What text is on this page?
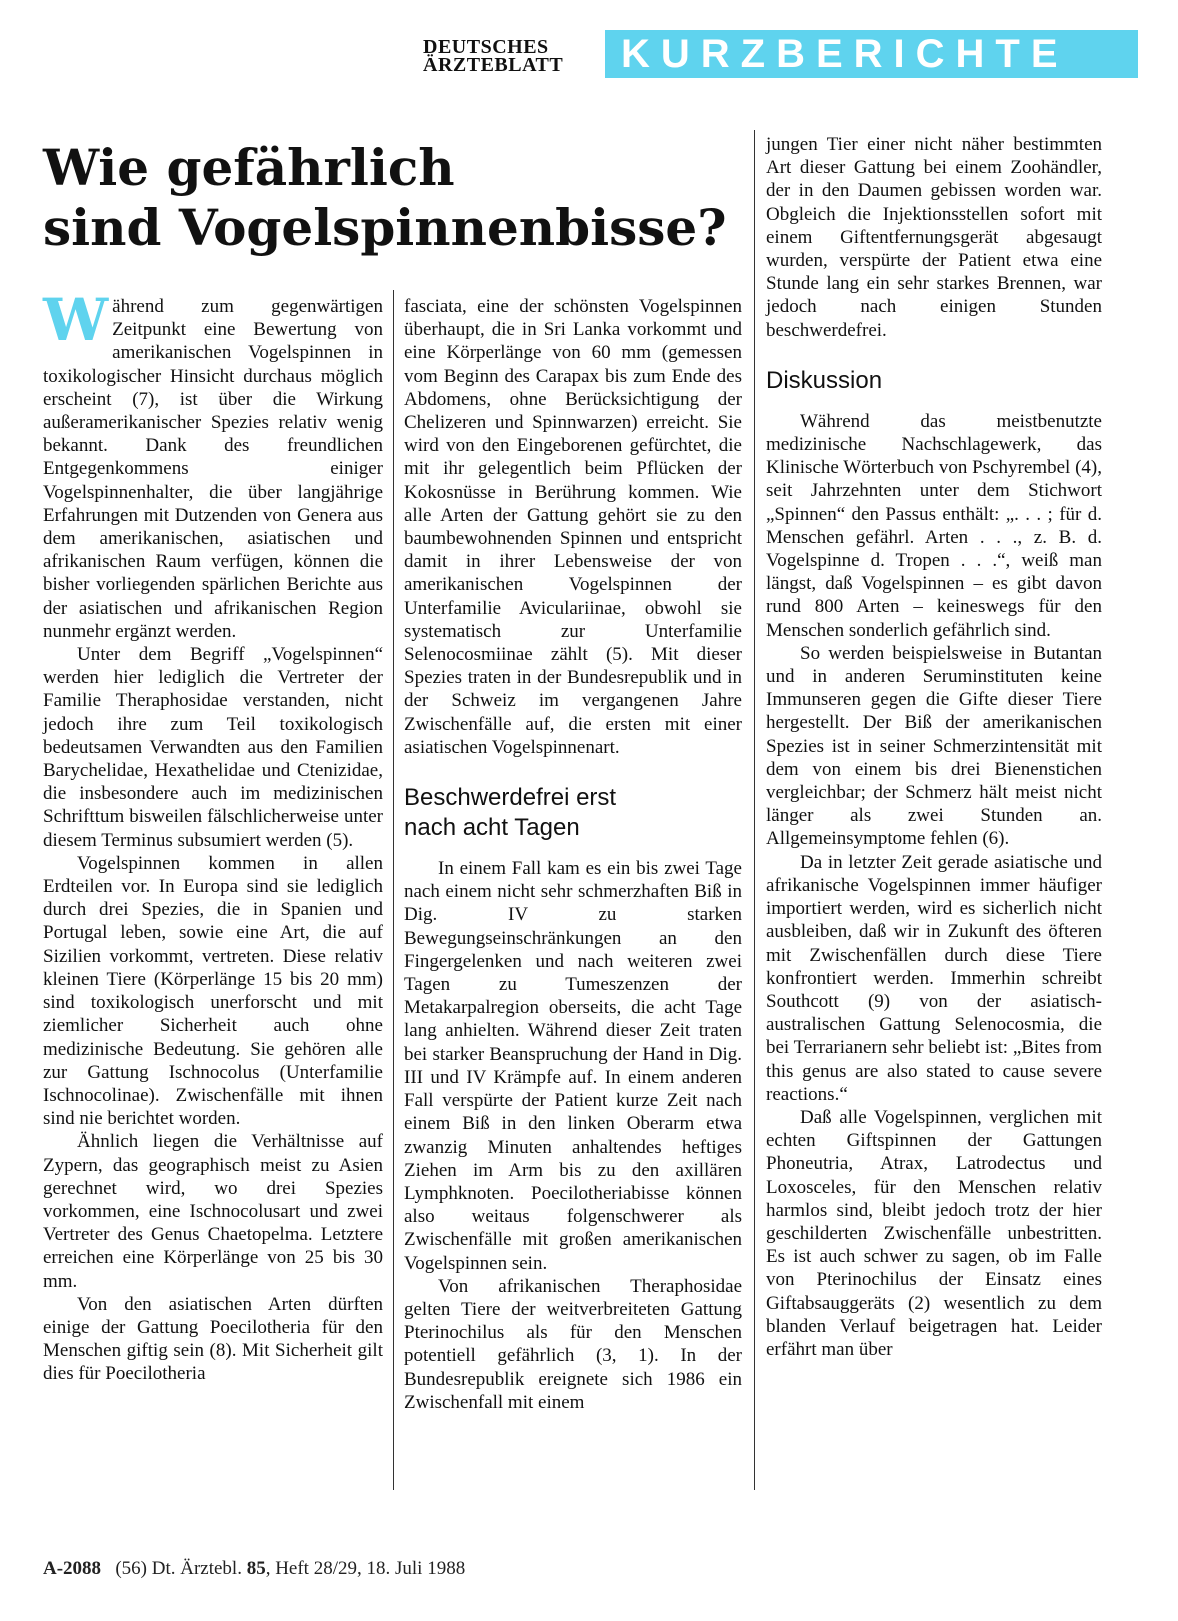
DEUTSCHES
ÄRZTEBLATT	KURZBERICHTE
Wie gefährlich
sind Vogelspinnenbisse?

Während zum gegenwärtigen Zeitpunkt eine Bewertung von amerikanischen Vogelspinnen in toxikologischer Hinsicht durchaus möglich erscheint (7), ist über die Wirkung außeramerikanischer Spezies relativ wenig bekannt. Dank des freundlichen Entgegenkommens einiger Vogelspinnenhalter, die über langjährige Erfahrungen mit Dutzenden von Genera aus dem amerikanischen, asiatischen und afrikanischen Raum verfügen, können die bisher vorliegenden spärlichen Berichte aus der asiatischen und afrikanischen Region nunmehr ergänzt werden.

Unter dem Begriff „Vogelspinnen“ werden hier lediglich die Vertreter der Familie Theraphosidae verstanden, nicht jedoch ihre zum Teil toxikologisch bedeutsamen Verwandten aus den Familien Barychelidae, Hexathelidae und Ctenizidae, die insbesondere auch im medizinischen Schrifttum bisweilen fälschlicherweise unter diesem Terminus subsumiert werden (5).

Vogelspinnen kommen in allen Erdteilen vor. In Europa sind sie lediglich durch drei Spezies, die in Spanien und Portugal leben, sowie eine Art, die auf Sizilien vorkommt, vertreten. Diese relativ kleinen Tiere (Körperlänge 15 bis 20 mm) sind toxikologisch unerforscht und mit ziemlicher Sicherheit auch ohne medizinische Bedeutung. Sie gehören alle zur Gattung Ischnocolus (Unterfamilie Ischnocolinae). Zwischenfälle mit ihnen sind nie berichtet worden.

Ähnlich liegen die Verhältnisse auf Zypern, das geographisch meist zu Asien gerechnet wird, wo drei Spezies vorkommen, eine Ischnocolusart und zwei Vertreter des Genus Chaetopelma. Letztere erreichen eine Körperlänge von 25 bis 30 mm.

Von den asiatischen Arten dürften einige der Gattung Poecilotheria für den Menschen giftig sein (8). Mit Sicherheit gilt dies für Poecilotheria

fasciata, eine der schönsten Vogelspinnen überhaupt, die in Sri Lanka vorkommt und eine Körperlänge von 60 mm (gemessen vom Beginn des Carapax bis zum Ende des Abdomens, ohne Berücksichtigung der Chelizeren und Spinnwarzen) erreicht. Sie wird von den Eingeborenen gefürchtet, die mit ihr gelegentlich beim Pflücken der Kokosnüsse in Berührung kommen. Wie alle Arten der Gattung gehört sie zu den baumbewohnenden Spinnen und entspricht damit in ihrer Lebensweise der von amerikanischen Vogelspinnen der Unterfamilie Aviculariinae, obwohl sie systematisch zur Unterfamilie Selenocosmiinae zählt (5). Mit dieser Spezies traten in der Bundesrepublik und in der Schweiz im vergangenen Jahre Zwischenfälle auf, die ersten mit einer asiatischen Vogelspinnenart.

Beschwerdefrei erst
nach acht Tagen

In einem Fall kam es ein bis zwei Tage nach einem nicht sehr schmerzhaften Biß in Dig. IV zu starken Bewegungseinschränkungen an den Fingergelenken und nach weiteren zwei Tagen zu Tumeszenzen der Metakarpalregion oberseits, die acht Tage lang anhielten. Während dieser Zeit traten bei starker Beanspruchung der Hand in Dig. III und IV Krämpfe auf. In einem anderen Fall verspürte der Patient kurze Zeit nach einem Biß in den linken Oberarm etwa zwanzig Minuten anhaltendes heftiges Ziehen im Arm bis zu den axillären Lymphknoten. Poecilotheriabisse können also weitaus folgenschwerer als Zwischenfälle mit großen amerikanischen Vogelspinnen sein.

Von afrikanischen Theraphosidae gelten Tiere der weitverbreiteten Gattung Pterinochilus als für den Menschen potentiell gefährlich (3, 1). In der Bundesrepublik ereignete sich 1986 ein Zwischenfall mit einem

jungen Tier einer nicht näher bestimmten Art dieser Gattung bei einem Zoohändler, der in den Daumen gebissen worden war. Obgleich die Injektionsstellen sofort mit einem Giftentfernungsgerät abgesaugt wurden, verspürte der Patient etwa eine Stunde lang ein sehr starkes Brennen, war jedoch nach einigen Stunden beschwerdefrei.

Diskussion

Während das meistbenutzte medizinische Nachschlagewerk, das Klinische Wörterbuch von Pschyrembel (4), seit Jahrzehnten unter dem Stichwort „Spinnen“ den Passus enthält: „. . . ; für d. Menschen gefährl. Arten . . ., z. B. d. Vogelspinne d. Tropen . . .“, weiß man längst, daß Vogelspinnen – es gibt davon rund 800 Arten – keineswegs für den Menschen sonderlich gefährlich sind.

So werden beispielsweise in Butantan und in anderen Seruminstituten keine Immunseren gegen die Gifte dieser Tiere hergestellt. Der Biß der amerikanischen Spezies ist in seiner Schmerzintensität mit dem von einem bis drei Bienenstichen vergleichbar; der Schmerz hält meist nicht länger als zwei Stunden an. Allgemeinsymptome fehlen (6).

Da in letzter Zeit gerade asiatische und afrikanische Vogelspinnen immer häufiger importiert werden, wird es sicherlich nicht ausbleiben, daß wir in Zukunft des öfteren mit Zwischenfällen durch diese Tiere konfrontiert werden. Immerhin schreibt Southcott (9) von der asiatisch-australischen Gattung Selenocosmia, die bei Terrarianern sehr beliebt ist: „Bites from this genus are also stated to cause severe reactions.“

Daß alle Vogelspinnen, verglichen mit echten Giftspinnen der Gattungen Phoneutria, Atrax, Latrodectus und Loxosceles, für den Menschen relativ harmlos sind, bleibt jedoch trotz der hier geschilderten Zwischenfälle unbestritten. Es ist auch schwer zu sagen, ob im Falle von Pterinochilus der Einsatz eines Giftabsauggeräts (2) wesentlich zu dem blanden Verlauf beigetragen hat. Leider erfährt man über

A-2088 (56) Dt. Ärztebl. 85, Heft 28/29, 18. Juli 1988
